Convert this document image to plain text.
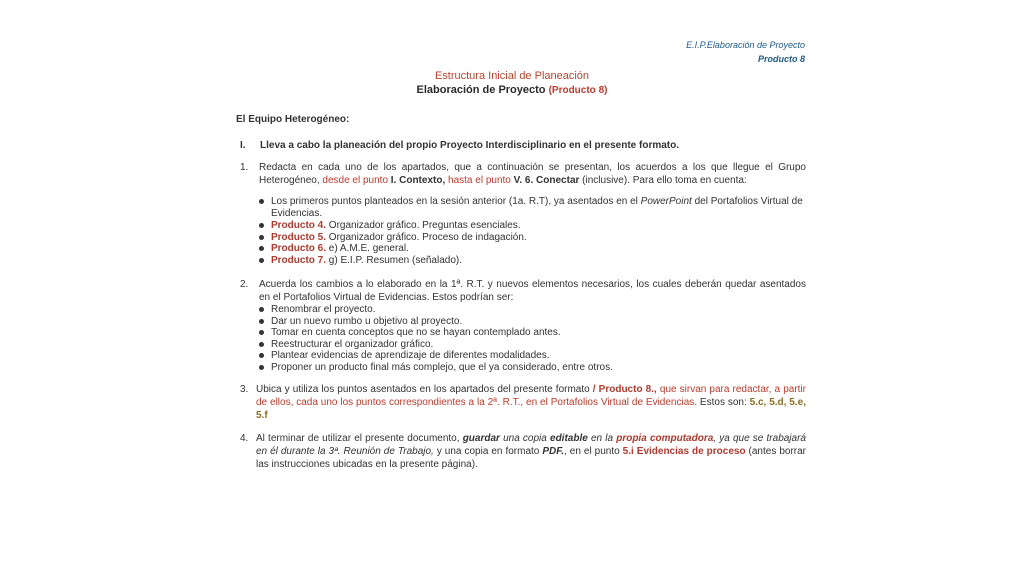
E.I.P.Elaboración de Proyecto
Producto 8
Estructura Inicial de Planeación
Elaboración de Proyecto (Producto 8)
El Equipo Heterogéneo:
I. Lleva a cabo la planeación del propio Proyecto Interdisciplinario en el presente formato.
1. Redacta en cada uno de los apartados, que a continuación se presentan, los acuerdos a los que llegue el Grupo Heterogéneo, desde el punto I. Contexto, hasta el punto V. 6. Conectar (inclusive). Para ello toma en cuenta:
Los primeros puntos planteados en la sesión anterior (1a. R.T), ya asentados en el PowerPoint del Portafolios Virtual de Evidencias.
Producto 4. Organizador gráfico. Preguntas esenciales.
Producto 5. Organizador gráfico. Proceso de indagación.
Producto 6. e) A.M.E. general.
Producto 7. g) E.I.P. Resumen (señalado).
2. Acuerda los cambios a lo elaborado en la 1ª. R.T. y nuevos elementos necesarios, los cuales deberán quedar asentados en el Portafolios Virtual de Evidencias. Estos podrían ser:
Renombrar el proyecto.
Dar un nuevo rumbo u objetivo al proyecto.
Tomar en cuenta conceptos que no se hayan contemplado antes.
Reestructurar el organizador gráfico.
Plantear evidencias de aprendizaje de diferentes modalidades.
Proponer un producto final más complejo, que el ya considerado, entre otros.
3. Ubica y utiliza los puntos asentados en los apartados del presente formato / Producto 8., que sirvan para redactar, a partir de ellos, cada uno los puntos correspondientes a la 2ª. R.T., en el Portafolios Virtual de Evidencias. Estos son: 5.c, 5.d, 5.e, 5.f
4. Al terminar de utilizar el presente documento, guardar una copia editable en la propia computadora, ya que se trabajará en él durante la 3ª. Reunión de Trabajo, y una copia en formato PDF., en el punto 5.i Evidencias de proceso (antes borrar las instrucciones ubicadas en la presente página).
